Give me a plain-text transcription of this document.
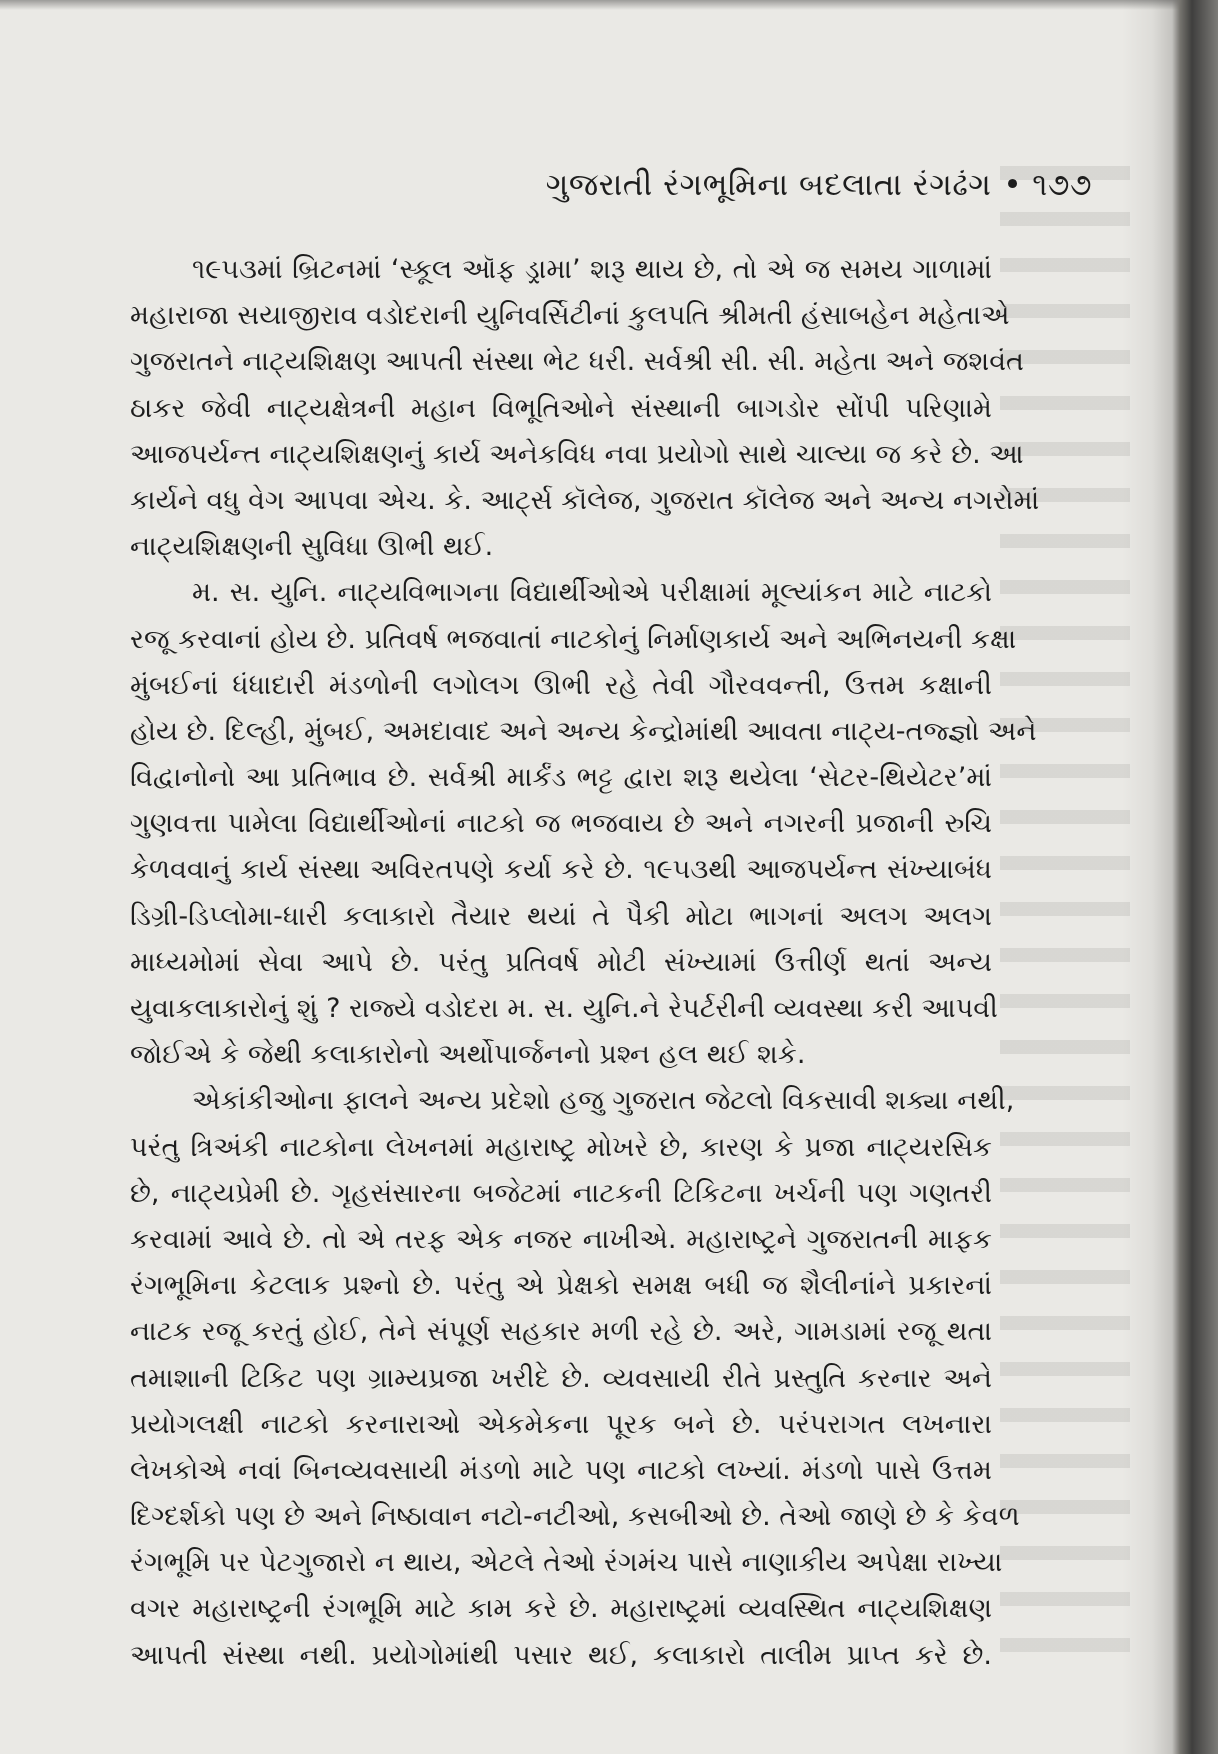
ગુજરાતી રંગભૂમિના બદલાતા રંગઢંગ • ૧૭૭
૧૯૫૩માં બ્રિટનમાં ‘સ્કૂલ ઑફ ડ્રામા’ શરૂ થાય છે, તો એ જ સમય ગાળામાં
મહારાજા સયાજીરાવ વડોદરાની યુનિવર્સિટીનાં કુલપતિ શ્રીમતી હંસાબહેન મહેતાએ
ગુજરાતને નાટ્યશિક્ષણ આપતી સંસ્થા ભેટ ધરી. સર્વશ્રી સી. સી. મહેતા અને જશવંત
ઠાકર જેવી નાટ્યક્ષેત્રની મહાન વિભૂતિઓને સંસ્થાની બાગડોર સોંપી પરિણામે
આજપર્યન્ત નાટ્યશિક્ષણનું કાર્ય અનેકવિધ નવા પ્રયોગો સાથે ચાલ્યા જ કરે છે. આ
કાર્યને વધુ વેગ આપવા એચ. કે. આર્ટ્સ કૉલેજ, ગુજરાત કૉલેજ અને અન્ય નગરોમાં
નાટ્યશિક્ષણની સુવિધા ઊભી થઈ.
મ. સ. યુનિ. નાટ્યવિભાગના વિદ્યાર્થીઓએ પરીક્ષામાં મૂલ્યાંકન માટે નાટકો
રજૂ કરવાનાં હોય છે. પ્રતિવર્ષ ભજવાતાં નાટકોનું નિર્માણકાર્ય અને અભિનયની કક્ષા
મુંબઈનાં ધંધાદારી મંડળોની લગોલગ ઊભી રહે તેવી ગૌરવવન્તી, ઉત્તમ કક્ષાની
હોય છે. દિલ્હી, મુંબઈ, અમદાવાદ અને અન્ય કેન્દ્રોમાંથી આવતા નાટ્ય-તજ્જ્ઞો અને
વિદ્વાનોનો આ પ્રતિભાવ છે. સર્વશ્રી માર્કંડ ભટ્ટ દ્વારા શરૂ થયેલા ‘સેટર-થિયેટર’માં
ગુણવત્તા પામેલા વિદ્યાર્થીઓનાં નાટકો જ ભજવાય છે અને નગરની પ્રજાની રુચિ
કેળવવાનું કાર્ય સંસ્થા અવિરતપણે કર્યા કરે છે. ૧૯૫૩થી આજપર્યન્ત સંખ્યાબંધ
ડિગ્રી-ડિપ્લોમા-ધારી કલાકારો તૈયાર થયાં તે પૈકી મોટા ભાગનાં અલગ અલગ
માધ્યમોમાં સેવા આપે છે. પરંતુ પ્રતિવર્ષ મોટી સંખ્યામાં ઉત્તીર્ણ થતાં અન્ય
યુવાકલાકારોનું શું ? રાજ્યે વડોદરા મ. સ. યુનિ.ને રેપર્ટરીની વ્યવસ્થા કરી આપવી
જોઈએ કે જેથી કલાકારોનો અર્થોપાર્જનનો પ્રશ્ન હલ થઈ શકે.
એકાંકીઓના ફાલને અન્ય પ્રદેશો હજુ ગુજરાત જેટલો વિકસાવી શક્યા નથી,
પરંતુ ત્રિઅંકી નાટકોના લેખનમાં મહારાષ્ટ્ર મોખરે છે, કારણ કે પ્રજા નાટ્યરસિક
છે, નાટ્યપ્રેમી છે. ગૃહસંસારના બજેટમાં નાટકની ટિકિટના ખર્ચની પણ ગણતરી
કરવામાં આવે છે. તો એ તરફ એક નજર નાખીએ. મહારાષ્ટ્રને ગુજરાતની માફક
રંગભૂમિના કેટલાક પ્રશ્નો છે. પરંતુ એ પ્રેક્ષકો સમક્ષ બધી જ શૈલીનાંને પ્રકારનાં
નાટક રજૂ કરતું હોઈ, તેને સંપૂર્ણ સહકાર મળી રહે છે. અરે, ગામડામાં રજૂ થતા
તમાશાની ટિકિટ પણ ગ્રામ્યપ્રજા ખરીદે છે. વ્યવસાયી રીતે પ્રસ્તુતિ કરનાર અને
પ્રયોગલક્ષી નાટકો કરનારાઓ એકમેકના પૂરક બને છે. પરંપરાગત લખનારા
લેખકોએ નવાં બિનવ્યવસાયી મંડળો માટે પણ નાટકો લખ્યાં. મંડળો પાસે ઉત્તમ
દિગ્દર્શકો પણ છે અને નિષ્ઠાવાન નટો-નટીઓ, કસબીઓ છે. તેઓ જાણે છે કે કેવળ
રંગભૂમિ પર પેટગુજારો ન થાય, એટલે તેઓ રંગમંચ પાસે નાણાકીય અપેક્ષા રાખ્યા
વગર મહારાષ્ટ્રની રંગભૂમિ માટે કામ કરે છે. મહારાષ્ટ્રમાં વ્યવસ્થિત નાટ્યશિક્ષણ
આપતી સંસ્થા નથી. પ્રયોગોમાંથી પસાર થઈ, કલાકારો તાલીમ પ્રાપ્ત કરે છે.
